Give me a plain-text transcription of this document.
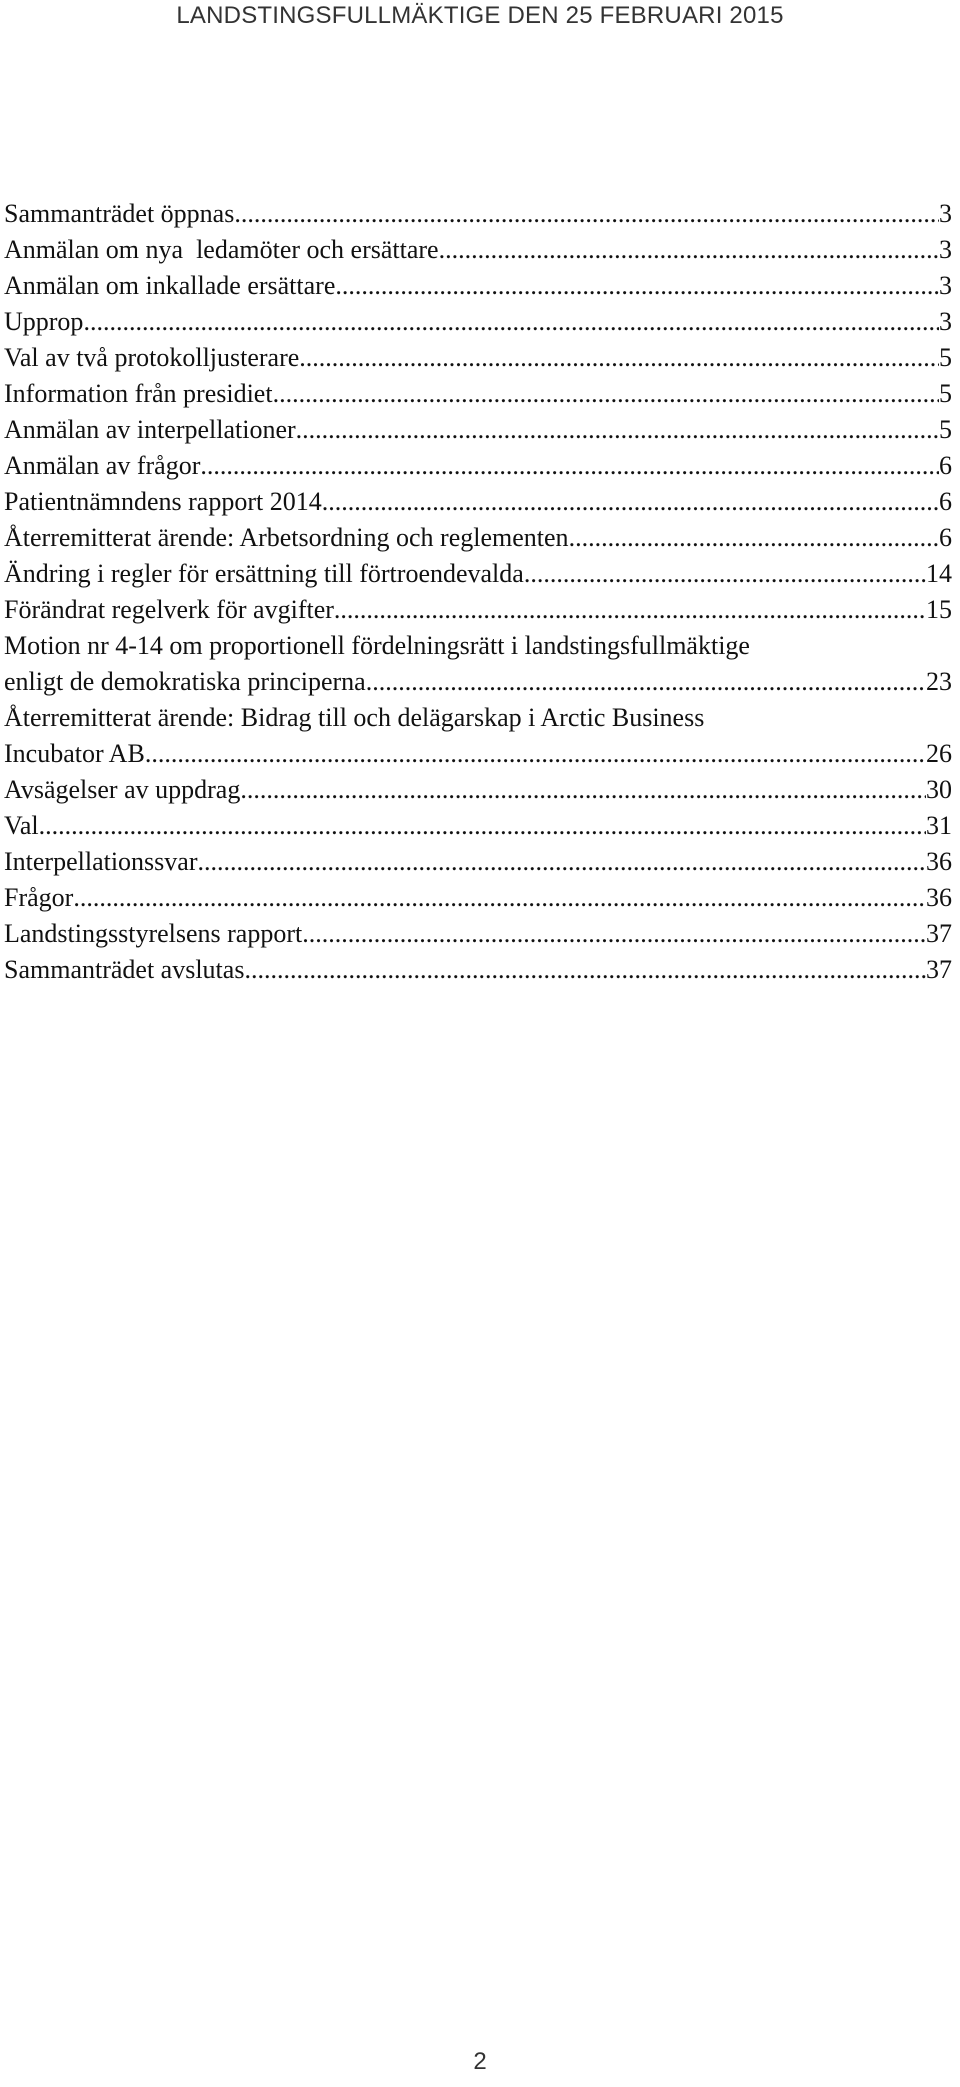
LANDSTINGSFULLMÄKTIGE DEN 25 FEBRUARI 2015
Sammanträdet öppnas .....	3
Anmälan om nya  ledamöter och ersättare .....	3
Anmälan om inkallade ersättare .....	3
Upprop .....	3
Val av två protokolljusterare .....	5
Information från presidiet .....	5
Anmälan av interpellationer .....	5
Anmälan av frågor .....	6
Patientnämndens rapport 2014 .....	6
Återremitterat ärende: Arbetsordning och reglementen .....	6
Ändring i regler för ersättning till förtroendevalda .....	14
Förändrat regelverk för avgifter .....	15
Motion nr 4-14 om proportionell fördelningsrätt i landstingsfullmäktige
enligt de demokratiska principerna .....	23
Återremitterat ärende: Bidrag till och delägarskap i Arctic Business
Incubator AB .....	26
Avsägelser av uppdrag .....	30
Val .....	31
Interpellationssvar .....	36
Frågor .....	36
Landstingsstyrelsens rapport .....	37
Sammanträdet avslutas .....	37
2
